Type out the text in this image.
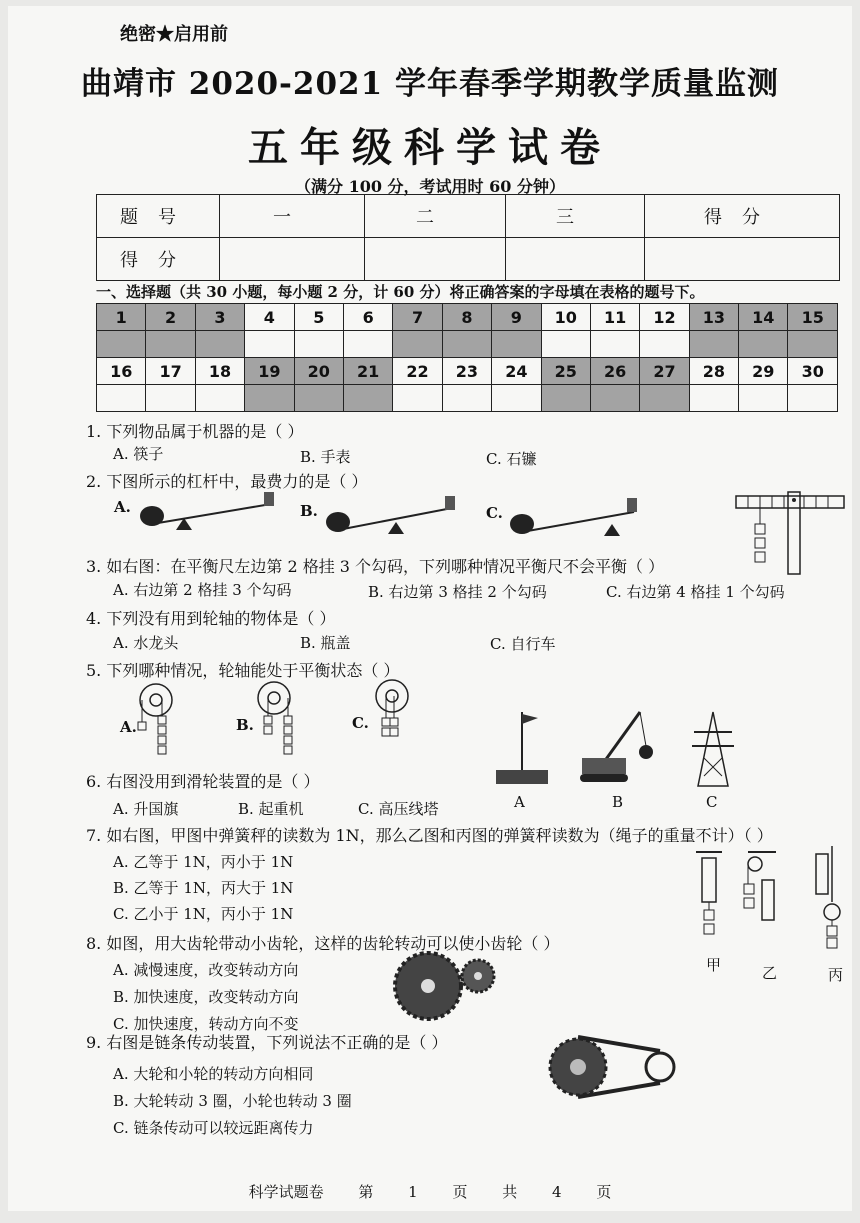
绝密★启用前
曲靖市 2020-2021 学年春季学期教学质量监测
五年级科学试卷
（满分 100 分，考试用时 60 分钟）
题号	一	二	三	得分
得分				
一、选择题（共 30 小题，每小题 2 分，计 60 分）将正确答案的字母填在表格的题号下。
1	2	3	4	5	6	7	8	9	10	11	12	13	14	15

16	17	18	19	20	21	22	23	24	25	26	27	28	29	30

1. 下列物品属于机器的是（ ）
A. 筷子	B. 手表	C. 石镰
2. 下图所示的杠杆中，最费力的是（ ）
A.	B.	C.
3. 如右图：在平衡尺左边第 2 格挂 3 个勾码，下列哪种情况平衡尺不会平衡（ ）
A. 右边第 2 格挂 3 个勾码	B. 右边第 3 格挂 2 个勾码	C. 右边第 4 格挂 1 个勾码
4. 下列没有用到轮轴的物体是（ ）
A. 水龙头	B. 瓶盖	C. 自行车
5. 下列哪种情况，轮轴能处于平衡状态（ ）
A.	B.	C.
6. 右图没用到滑轮装置的是（ ）
A. 升国旗	B. 起重机	C. 高压线塔	A	B	C
7. 如右图，甲图中弹簧秤的读数为 1N，那么乙图和丙图的弹簧秤读数为（绳子的重量不计）（ ）
A. 乙等于 1N，丙小于 1N
B. 乙等于 1N，丙大于 1N
C. 乙小于 1N，丙小于 1N
甲	乙	丙
8. 如图，用大齿轮带动小齿轮，这样的齿轮转动可以使小齿轮（ ）
A. 减慢速度，改变转动方向
B. 加快速度，改变转动方向
C. 加快速度，转动方向不变
9. 右图是链条传动装置，下列说法不正确的是（ ）
A. 大轮和小轮的转动方向相同
B. 大轮转动 3 圈，小轮也转动 3 圈
C. 链条传动可以较远距离传力
科学试题卷 第 1 页 共 4 页
